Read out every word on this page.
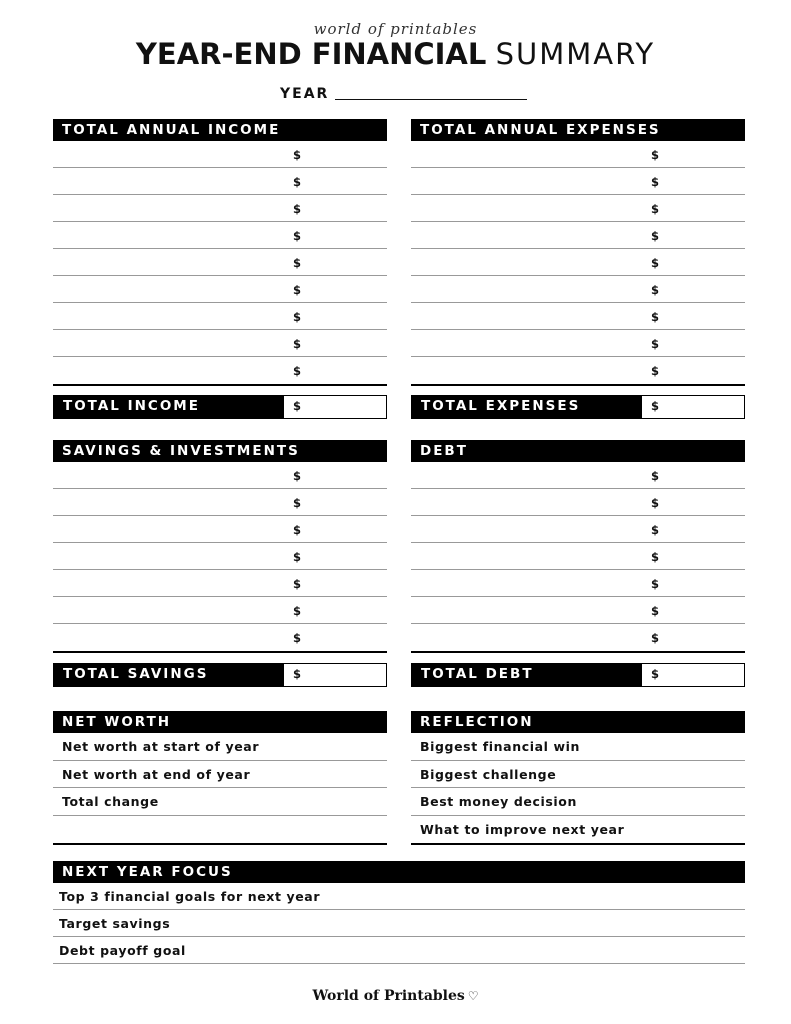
world of printables
YEAR-END FINANCIAL SUMMARY
YEAR
TOTAL ANNUAL INCOME
$
$
$
$
$
$
$
$
$
TOTAL INCOME	$
TOTAL ANNUAL EXPENSES
$
$
$
$
$
$
$
$
$
TOTAL EXPENSES	$
SAVINGS & INVESTMENTS
$
$
$
$
$
$
$
TOTAL SAVINGS	$
DEBT
$
$
$
$
$
$
$
TOTAL DEBT	$
NET WORTH
Net worth at start of year
Net worth at end of year
Total change
REFLECTION
Biggest financial win
Biggest challenge
Best money decision
What to improve next year
NEXT YEAR FOCUS
Top 3 financial goals for next year
Target savings
Debt payoff goal
World of Printables ♡
